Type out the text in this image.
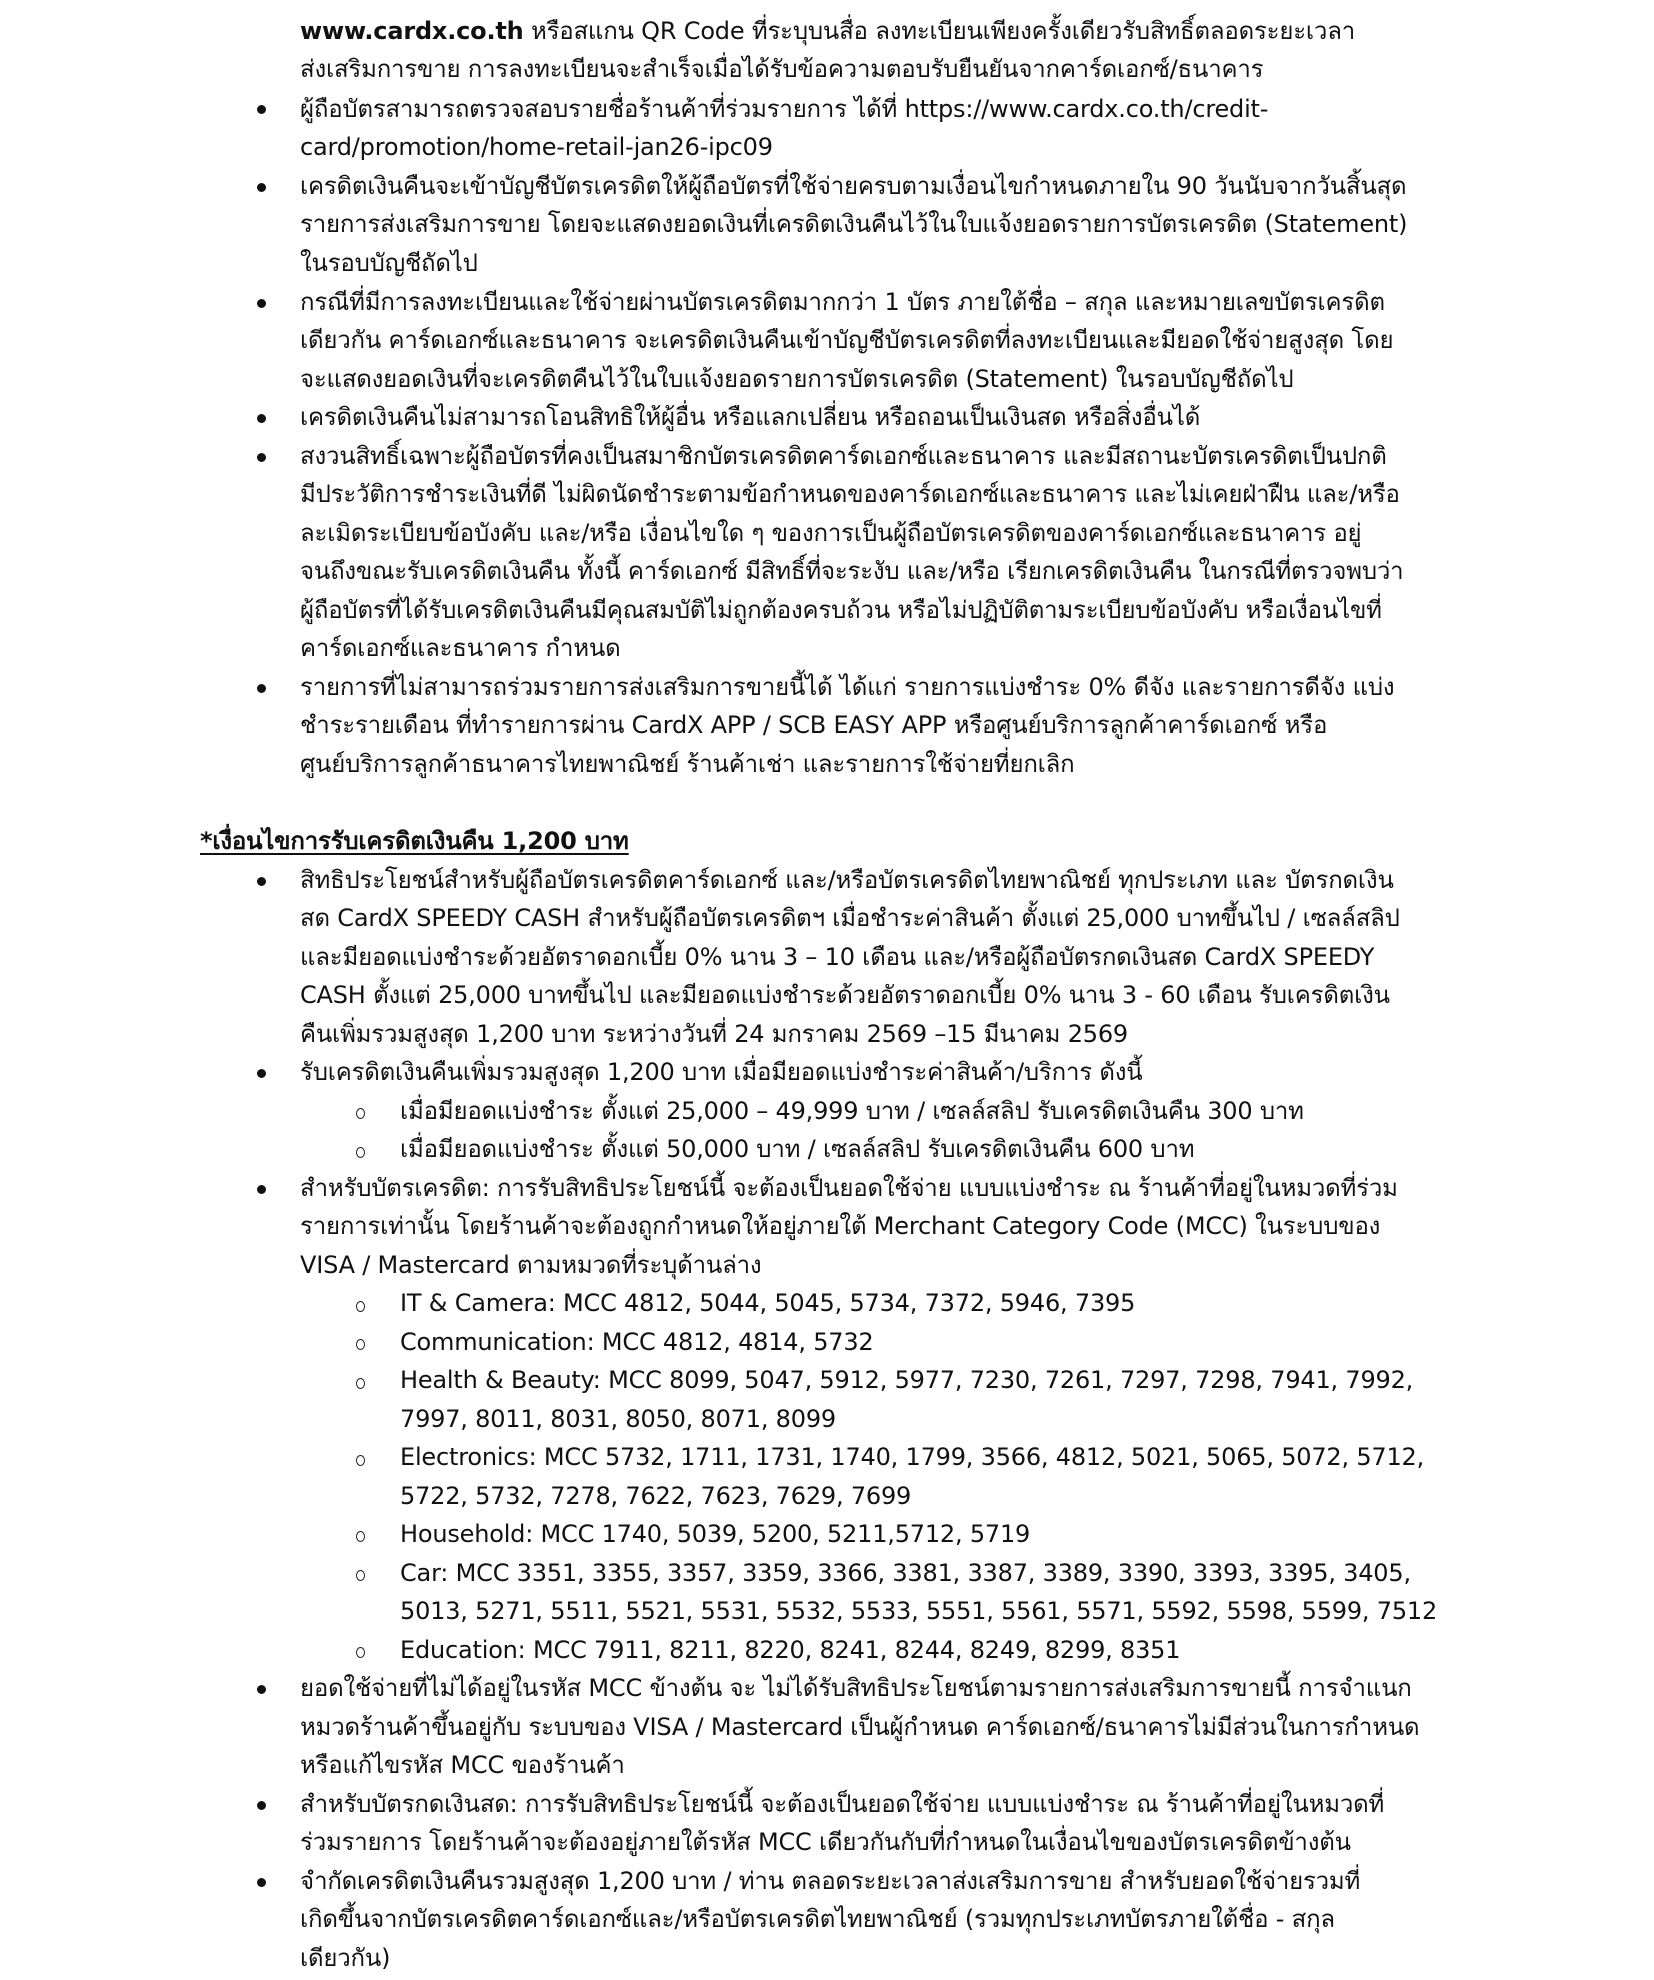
www.cardx.co.th หรือสแกน QR Code ที่ระบุบนสื่อ ลงทะเบียนเพียงครั้งเดียวรับสิทธิ์ตลอดระยะเวลา
ส่งเสริมการขาย การลงทะเบียนจะสำเร็จเมื่อได้รับข้อความตอบรับยืนยันจากคาร์ดเอกซ์/ธนาคาร
ผู้ถือบัตรสามารถตรวจสอบรายชื่อร้านค้าที่ร่วมรายการ ได้ที่ https://www.cardx.co.th/credit-
card/promotion/home-retail-jan26-ipc09
เครดิตเงินคืนจะเข้าบัญชีบัตรเครดิตให้ผู้ถือบัตรที่ใช้จ่ายครบตามเงื่อนไขกำหนดภายใน 90 วันนับจากวันสิ้นสุด
รายการส่งเสริมการขาย โดยจะแสดงยอดเงินที่เครดิตเงินคืนไว้ในใบแจ้งยอดรายการบัตรเครดิต (Statement)
ในรอบบัญชีถัดไป
กรณีที่มีการลงทะเบียนและใช้จ่ายผ่านบัตรเครดิตมากกว่า 1 บัตร ภายใต้ชื่อ – สกุล และหมายเลขบัตรเครดิต
เดียวกัน คาร์ดเอกซ์และธนาคาร จะเครดิตเงินคืนเข้าบัญชีบัตรเครดิตที่ลงทะเบียนและมียอดใช้จ่ายสูงสุด โดย
จะแสดงยอดเงินที่จะเครดิตคืนไว้ในใบแจ้งยอดรายการบัตรเครดิต (Statement) ในรอบบัญชีถัดไป
เครดิตเงินคืนไม่สามารถโอนสิทธิให้ผู้อื่น หรือแลกเปลี่ยน หรือถอนเป็นเงินสด หรือสิ่งอื่นได้
สงวนสิทธิ์เฉพาะผู้ถือบัตรที่คงเป็นสมาชิกบัตรเครดิตคาร์ดเอกซ์และธนาคาร และมีสถานะบัตรเครดิตเป็นปกติ
มีประวัติการชำระเงินที่ดี ไม่ผิดนัดชำระตามข้อกำหนดของคาร์ดเอกซ์และธนาคาร และไม่เคยฝ่าฝืน และ/หรือ
ละเมิดระเบียบข้อบังคับ และ/หรือ เงื่อนไขใด ๆ ของการเป็นผู้ถือบัตรเครดิตของคาร์ดเอกซ์และธนาคาร อยู่
จนถึงขณะรับเครดิตเงินคืน ทั้งนี้ คาร์ดเอกซ์ มีสิทธิ์ที่จะระงับ และ/หรือ เรียกเครดิตเงินคืน ในกรณีที่ตรวจพบว่า
ผู้ถือบัตรที่ได้รับเครดิตเงินคืนมีคุณสมบัติไม่ถูกต้องครบถ้วน หรือไม่ปฏิบัติตามระเบียบข้อบังคับ หรือเงื่อนไขที่
คาร์ดเอกซ์และธนาคาร กำหนด
รายการที่ไม่สามารถร่วมรายการส่งเสริมการขายนี้ได้ ได้แก่ รายการแบ่งชำระ 0% ดีจัง และรายการดีจัง แบ่ง
ชำระรายเดือน ที่ทำรายการผ่าน CardX APP / SCB EASY APP หรือศูนย์บริการลูกค้าคาร์ดเอกซ์ หรือ
ศูนย์บริการลูกค้าธนาคารไทยพาณิชย์ ร้านค้าเช่า และรายการใช้จ่ายที่ยกเลิก
*เงื่อนไขการรับเครดิตเงินคืน 1,200 บาท
สิทธิประโยชน์สำหรับผู้ถือบัตรเครดิตคาร์ดเอกซ์ และ/หรือบัตรเครดิตไทยพาณิชย์ ทุกประเภท และ บัตรกดเงิน
สด CardX SPEEDY CASH สำหรับผู้ถือบัตรเครดิตฯ เมื่อชำระค่าสินค้า ตั้งแต่ 25,000 บาทขึ้นไป / เซลล์สลิป
และมียอดแบ่งชำระด้วยอัตราดอกเบี้ย 0% นาน 3 – 10 เดือน และ/หรือผู้ถือบัตรกดเงินสด CardX SPEEDY
CASH ตั้งแต่ 25,000 บาทขึ้นไป และมียอดแบ่งชำระด้วยอัตราดอกเบี้ย 0% นาน 3 - 60 เดือน รับเครดิตเงิน
คืนเพิ่มรวมสูงสุด 1,200 บาท ระหว่างวันที่ 24 มกราคม 2569 –15 มีนาคม 2569
รับเครดิตเงินคืนเพิ่มรวมสูงสุด 1,200 บาท เมื่อมียอดแบ่งชำระค่าสินค้า/บริการ ดังนี้
เมื่อมียอดแบ่งชำระ ตั้งแต่ 25,000 – 49,999 บาท / เซลล์สลิป รับเครดิตเงินคืน 300 บาท
เมื่อมียอดแบ่งชำระ ตั้งแต่ 50,000 บาท / เซลล์สลิป รับเครดิตเงินคืน 600 บาท
สำหรับบัตรเครดิต: การรับสิทธิประโยชน์นี้ จะต้องเป็นยอดใช้จ่าย แบบแบ่งชำระ ณ ร้านค้าที่อยู่ในหมวดที่ร่วม
รายการเท่านั้น โดยร้านค้าจะต้องถูกกำหนดให้อยู่ภายใต้ Merchant Category Code (MCC) ในระบบของ
VISA / Mastercard ตามหมวดที่ระบุด้านล่าง
IT & Camera: MCC 4812, 5044, 5045, 5734, 7372, 5946, 7395
Communication: MCC 4812, 4814, 5732
Health & Beauty: MCC 8099, 5047, 5912, 5977, 7230, 7261, 7297, 7298, 7941, 7992,
7997, 8011, 8031, 8050, 8071, 8099
Electronics: MCC 5732, 1711, 1731, 1740, 1799, 3566, 4812, 5021, 5065, 5072, 5712,
5722, 5732, 7278, 7622, 7623, 7629, 7699
Household: MCC 1740, 5039, 5200, 5211,5712, 5719
Car: MCC 3351, 3355, 3357, 3359, 3366, 3381, 3387, 3389, 3390, 3393, 3395, 3405,
5013, 5271, 5511, 5521, 5531, 5532, 5533, 5551, 5561, 5571, 5592, 5598, 5599, 7512
Education: MCC 7911, 8211, 8220, 8241, 8244, 8249, 8299, 8351
ยอดใช้จ่ายที่ไม่ได้อยู่ในรหัส MCC ข้างต้น จะ ไม่ได้รับสิทธิประโยชน์ตามรายการส่งเสริมการขายนี้ การจำแนก
หมวดร้านค้าขึ้นอยู่กับ ระบบของ VISA / Mastercard เป็นผู้กำหนด คาร์ดเอกซ์/ธนาคารไม่มีส่วนในการกำหนด
หรือแก้ไขรหัส MCC ของร้านค้า
สำหรับบัตรกดเงินสด: การรับสิทธิประโยชน์นี้ จะต้องเป็นยอดใช้จ่าย แบบแบ่งชำระ ณ ร้านค้าที่อยู่ในหมวดที่
ร่วมรายการ โดยร้านค้าจะต้องอยู่ภายใต้รหัส MCC เดียวกันกับที่กำหนดในเงื่อนไขของบัตรเครดิตข้างต้น
จำกัดเครดิตเงินคืนรวมสูงสุด 1,200 บาท / ท่าน ตลอดระยะเวลาส่งเสริมการขาย สำหรับยอดใช้จ่ายรวมที่
เกิดขึ้นจากบัตรเครดิตคาร์ดเอกซ์และ/หรือบัตรเครดิตไทยพาณิชย์ (รวมทุกประเภทบัตรภายใต้ชื่อ - สกุล
เดียวกัน)
